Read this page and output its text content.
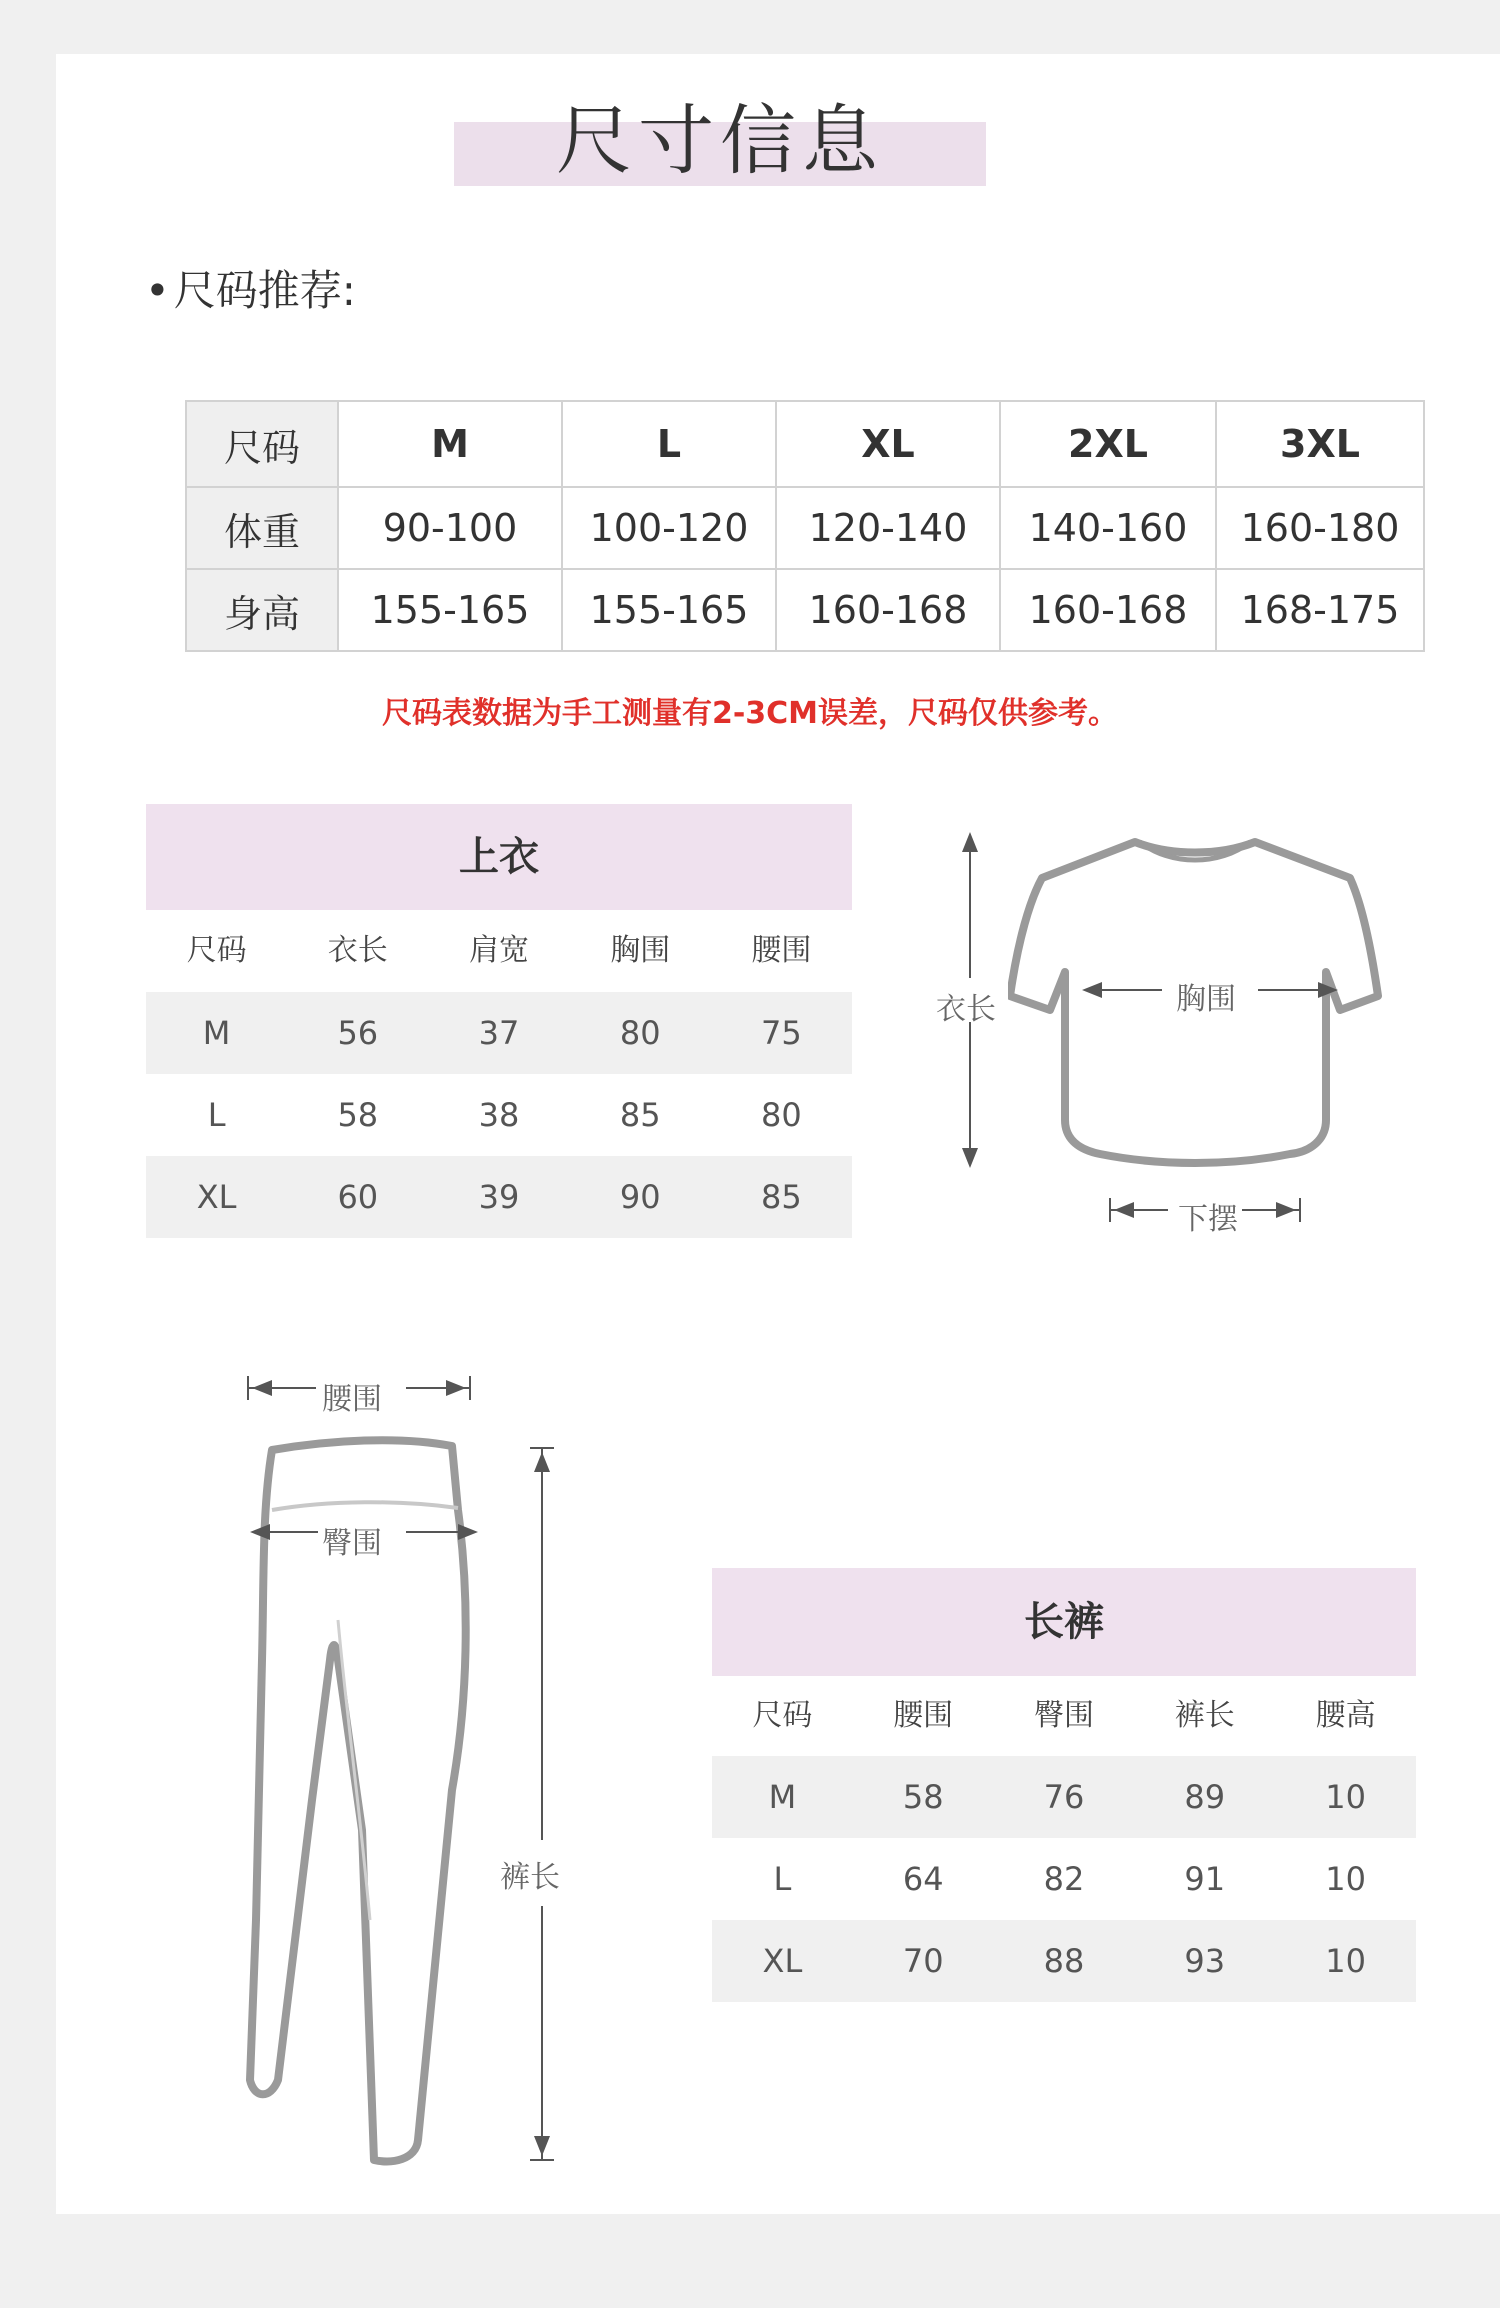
尺寸信息
•尺码推荐:
尺码	M	L	XL	2XL	3XL
体重	90-100	100-120	120-140	140-160	160-180
身高	155-165	155-165	160-168	160-168	168-175
尺码表数据为手工测量有2-3CM误差，尺码仅供参考。
上衣
尺码	衣长	肩宽	胸围	腰围
M	56	37	80	75
L	58	38	85	80
XL	60	39	90	85
衣长	胸围
下摆
腰围
臀围
裤长
长裤
尺码	腰围	臀围	裤长	腰高
M	58	76	89	10
L	64	82	91	10
XL	70	88	93	10
